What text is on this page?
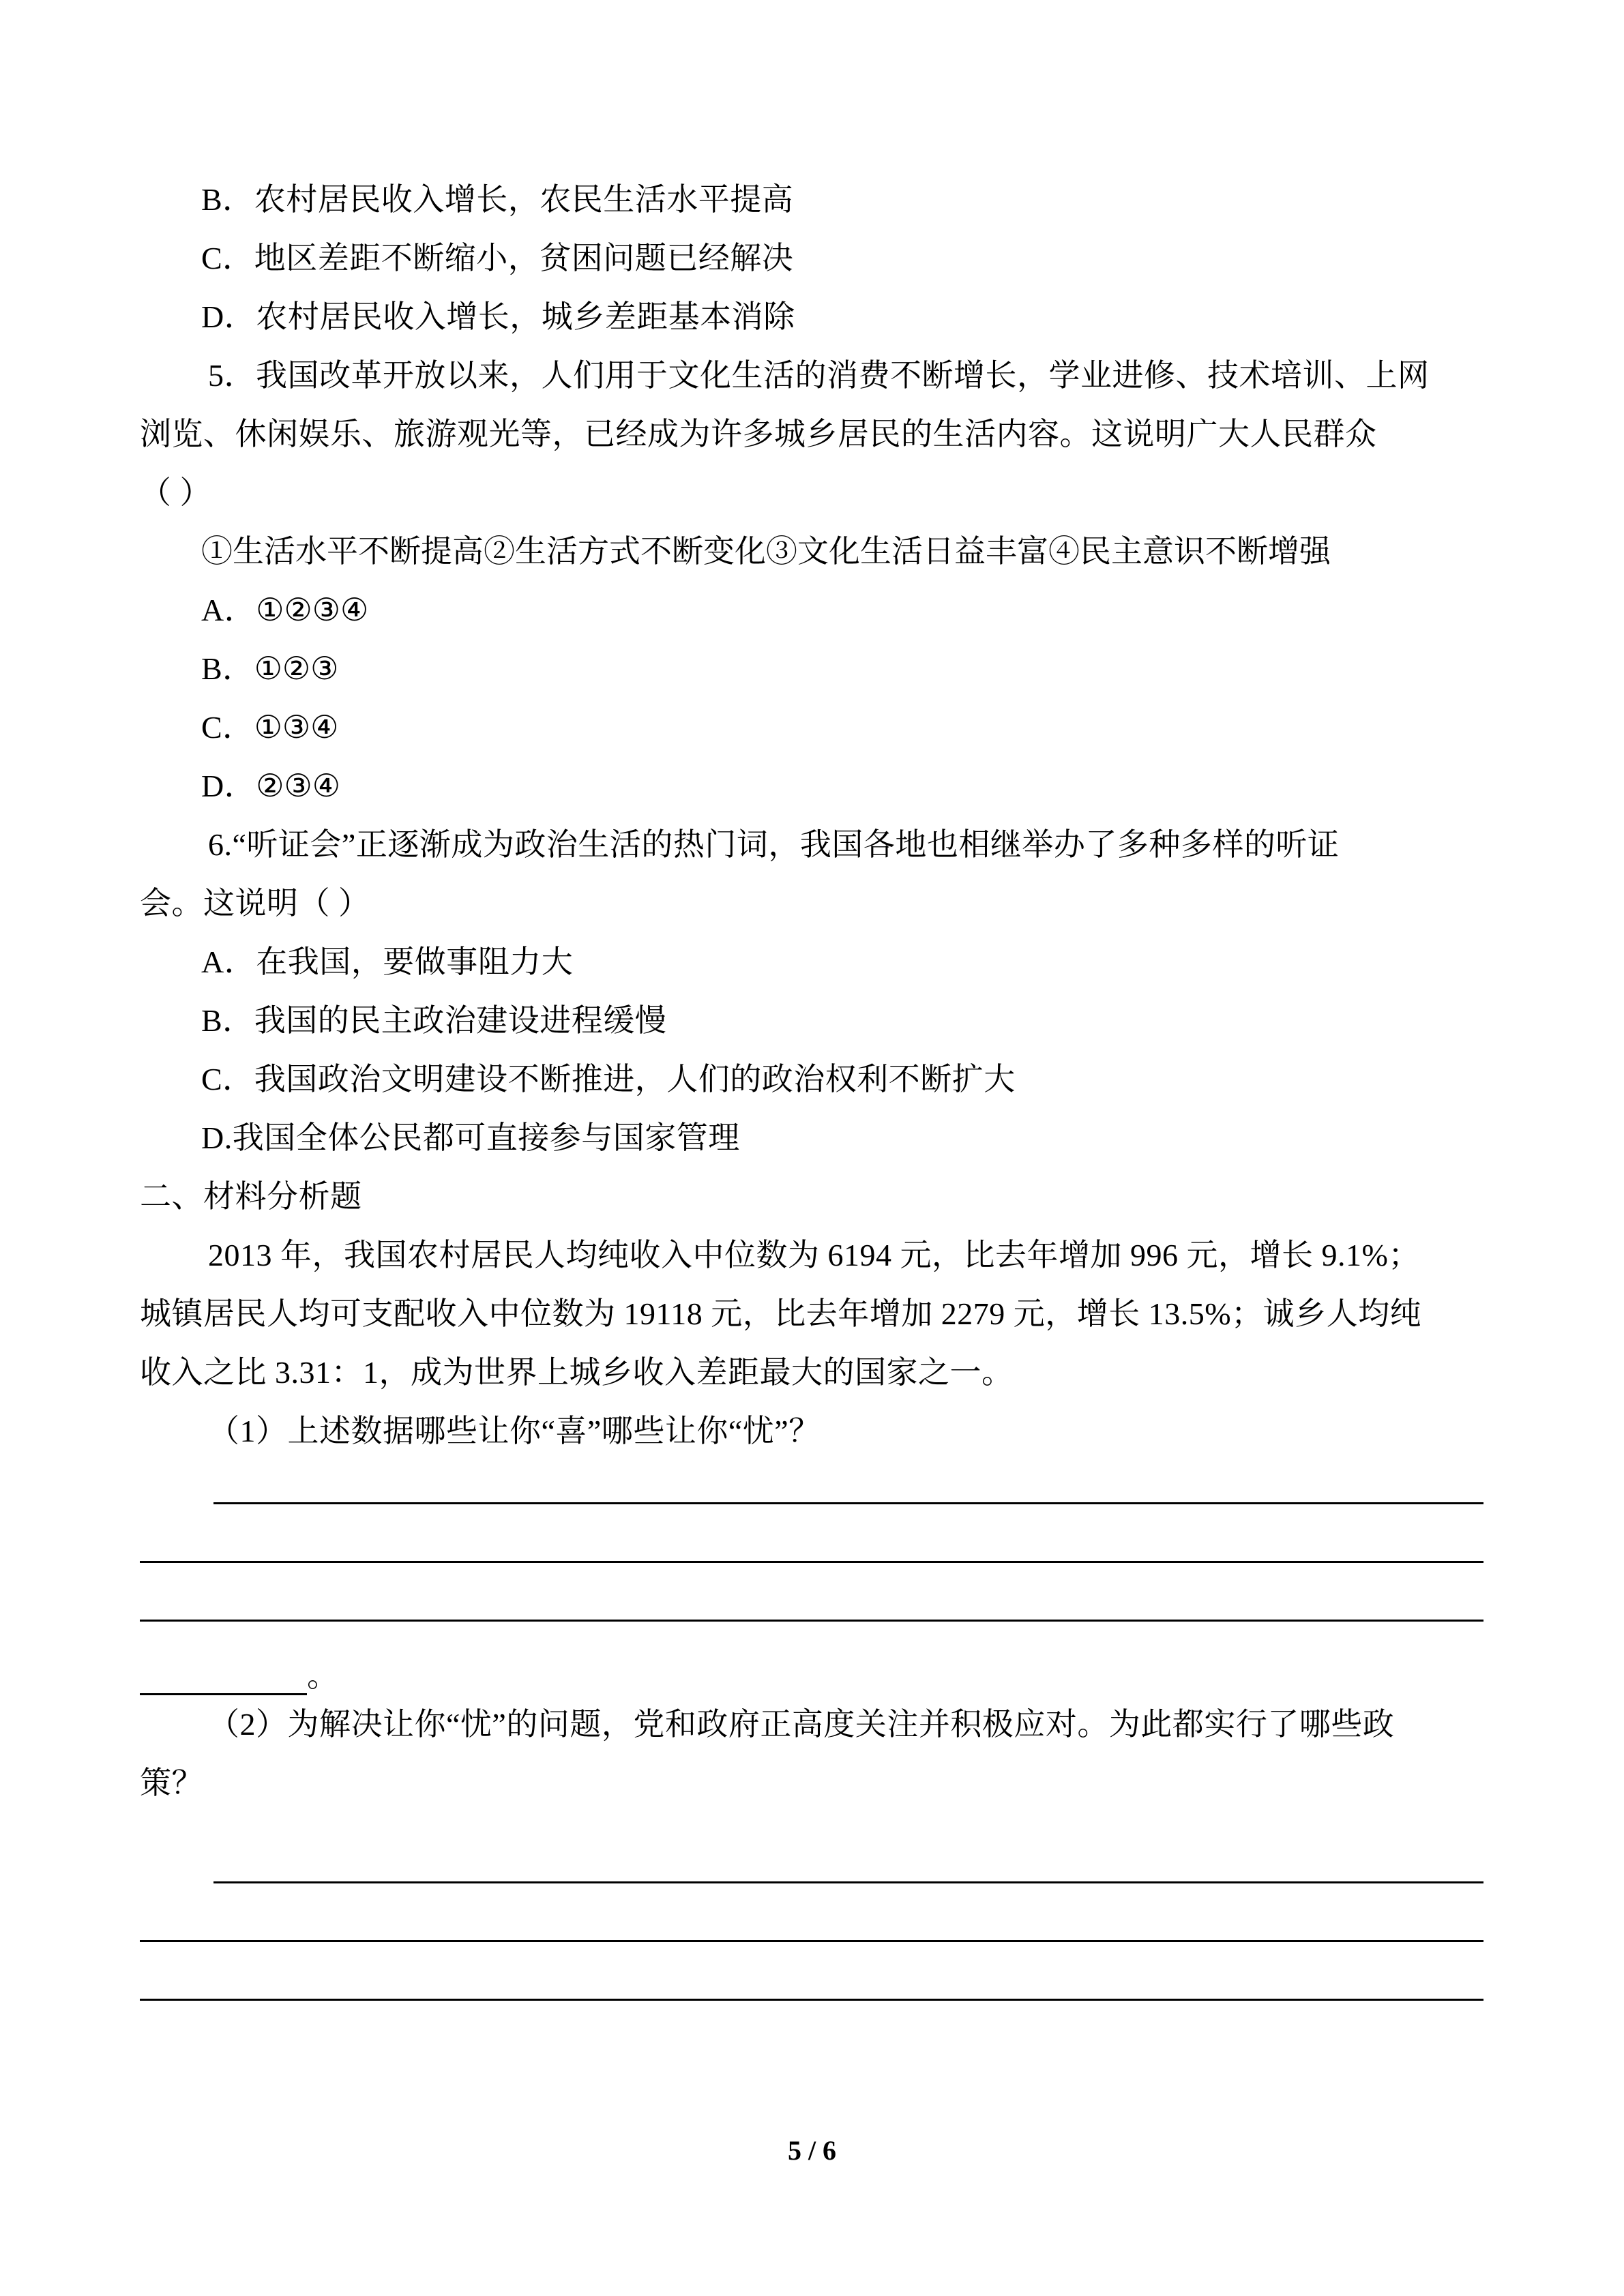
B．农村居民收入增长，农民生活水平提高
C．地区差距不断缩小，贫困问题已经解决
D．农村居民收入增长，城乡差距基本消除
5．我国改革开放以来，人们用于文化生活的消费不断增长，学业进修、技术培训、上网
浏览、休闲娱乐、旅游观光等，已经成为许多城乡居民的生活内容。这说明广大人民群众
（ ）
①生活水平不断提高②生活方式不断变化③文化生活日益丰富④民主意识不断增强
A．①②③④
B．①②③
C．①③④
D．②③④
6.“听证会”正逐渐成为政治生活的热门词，我国各地也相继举办了多种多样的听证
会。这说明（ ）
A．在我国，要做事阻力大
B．我国的民主政治建设进程缓慢
C．我国政治文明建设不断推进，人们的政治权利不断扩大
D.我国全体公民都可直接参与国家管理
二、材料分析题
2013 年，我国农村居民人均纯收入中位数为 6194 元，比去年增加 996 元，增长 9.1%；
城镇居民人均可支配收入中位数为 19118 元，比去年增加 2279 元，增长 13.5%；诚乡人均纯
收入之比 3.31：1，成为世界上城乡收入差距最大的国家之一。
（1）上述数据哪些让你“喜”哪些让你“忧”？
。
（2）为解决让你“忧”的问题，党和政府正高度关注并积极应对。为此都实行了哪些政
策？
5 / 6
